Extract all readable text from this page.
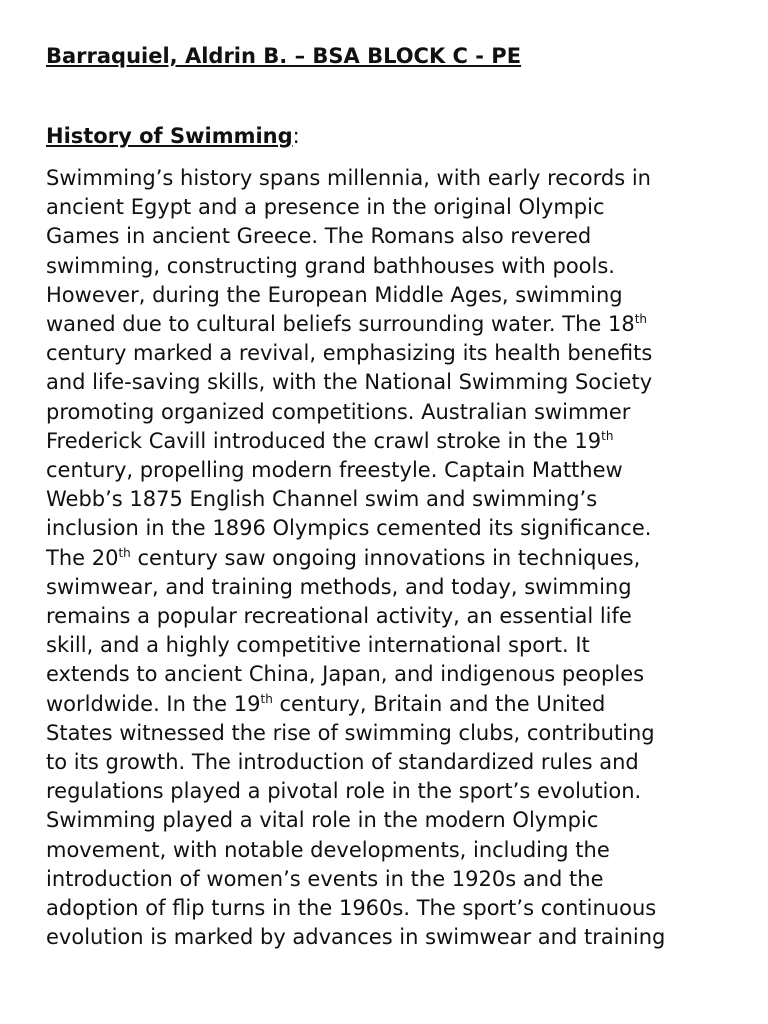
Barraquiel, Aldrin B. – BSA BLOCK C - PE
History of Swimming:
Swimming’s history spans millennia, with early records in
ancient Egypt and a presence in the original Olympic
Games in ancient Greece. The Romans also revered
swimming, constructing grand bathhouses with pools.
However, during the European Middle Ages, swimming
waned due to cultural beliefs surrounding water. The 18th
century marked a revival, emphasizing its health benefits
and life-saving skills, with the National Swimming Society
promoting organized competitions. Australian swimmer
Frederick Cavill introduced the crawl stroke in the 19th
century, propelling modern freestyle. Captain Matthew
Webb’s 1875 English Channel swim and swimming’s
inclusion in the 1896 Olympics cemented its significance.
The 20th century saw ongoing innovations in techniques,
swimwear, and training methods, and today, swimming
remains a popular recreational activity, an essential life
skill, and a highly competitive international sport. It
extends to ancient China, Japan, and indigenous peoples
worldwide. In the 19th century, Britain and the United
States witnessed the rise of swimming clubs, contributing
to its growth. The introduction of standardized rules and
regulations played a pivotal role in the sport’s evolution.
Swimming played a vital role in the modern Olympic
movement, with notable developments, including the
introduction of women’s events in the 1920s and the
adoption of flip turns in the 1960s. The sport’s continuous
evolution is marked by advances in swimwear and training
